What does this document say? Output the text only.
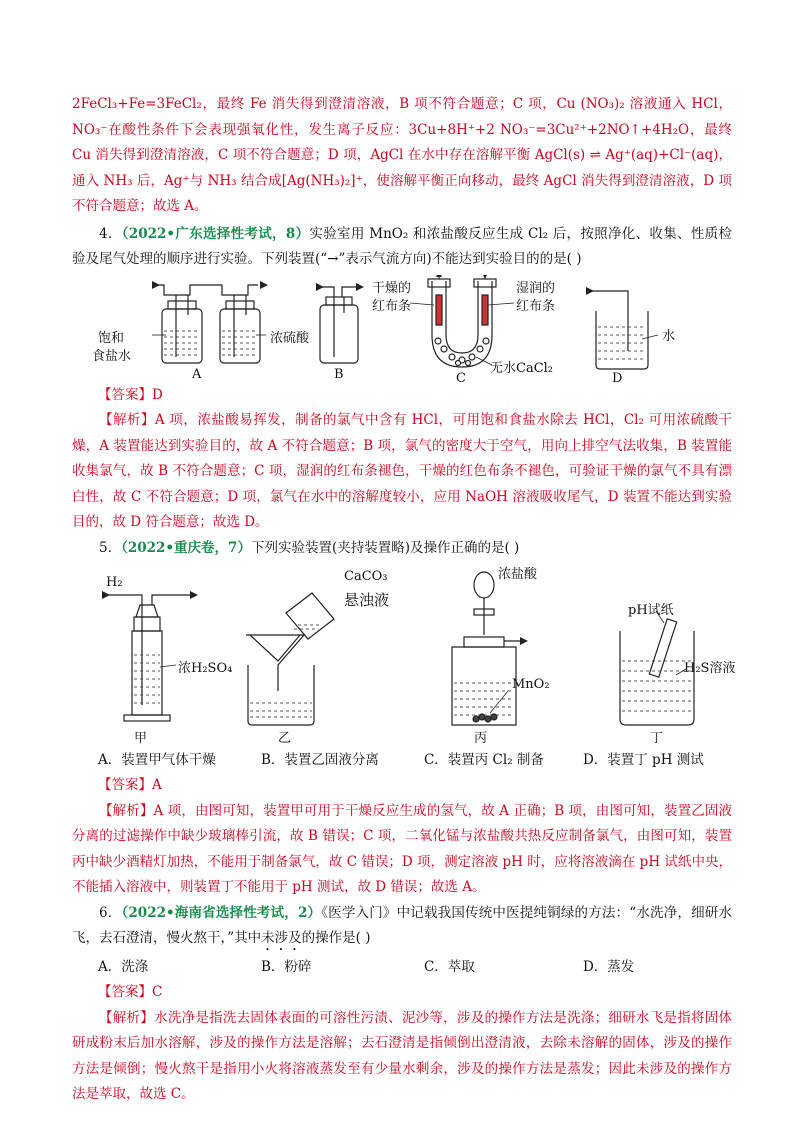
2FeCl₃+Fe=3FeCl₂，最终 Fe 消失得到澄清溶液，B 项不符合题意；C 项，Cu (NO₃)₂ 溶液通入 HCl，NO₃⁻在酸性条件下会表现强氧化性，发生离子反应：3Cu+8H⁺+2 NO₃⁻=3Cu²⁺+2NO↑+4H₂O，最终 Cu 消失得到澄清溶液，C 项不符合题意；D 项，AgCl 在水中存在溶解平衡 AgCl(s) ⇌ Ag⁺(aq)+Cl⁻(aq)，通入 NH₃ 后，Ag⁺与 NH₃ 结合成[Ag(NH₃)₂]⁺，使溶解平衡正向移动，最终 AgCl 消失得到澄清溶液，D 项不符合题意；故选 A。

4．（2022•广东选择性考试，8）实验室用 MnO₂ 和浓盐酸反应生成 Cl₂ 后，按照净化、收集、性质检验及尾气处理的顺序进行实验。下列装置(“→”表示气流方向)不能达到实验目的的是( )

饱和
食盐水
浓硫酸
A	B
干燥的
红布条
湿润的
红布条
无水CaCl₂
C
水
D

【答案】D

【解析】A 项，浓盐酸易挥发，制备的氯气中含有 HCl，可用饱和食盐水除去 HCl，Cl₂ 可用浓硫酸干燥，A 装置能达到实验目的，故 A 不符合题意；B 项，氯气的密度大于空气，用向上排空气法收集，B 装置能收集氯气，故 B 不符合题意；C 项，湿润的红布条褪色，干燥的红色布条不褪色，可验证干燥的氯气不具有漂白性，故 C 不符合题意；D 项，氯气在水中的溶解度较小，应用 NaOH 溶液吸收尾气，D 装置不能达到实验目的，故 D 符合题意；故选 D。

5．（2022•重庆卷，7）下列实验装置(夹持装置略)及操作正确的是( )

H₂
浓H₂SO₄
甲
CaCO₃
悬浊液
乙
浓盐酸
MnO₂
丙
pH试纸
H₂S溶液
丁
A．装置甲气体干燥	B．装置乙固液分离	C．装置丙 Cl₂ 制备	D．装置丁 pH 测试

【答案】A

【解析】A 项，由图可知，装置甲可用于干燥反应生成的氢气，故 A 正确；B 项，由图可知，装置乙固液分离的过滤操作中缺少玻璃棒引流，故 B 错误；C 项，二氧化锰与浓盐酸共热反应制备氯气，由图可知，装置丙中缺少酒精灯加热，不能用于制备氯气，故 C 错误；D 项，测定溶液 pH 时，应将溶液滴在 pH 试纸中央，不能插入溶液中，则装置丁不能用于 pH 测试，故 D 错误；故选 A。

6．（2022•海南省选择性考试，2）《医学入门》中记载我国传统中医提纯铜绿的方法：“水洗净，细研水飞，去石澄清，慢火熬干，”其中未涉及的操作是( )

A．洗涤	B．粉碎	C．萃取	D．蒸发

【答案】C

【解析】水洗净是指洗去固体表面的可溶性污渍、泥沙等，涉及的操作方法是洗涤；细研水飞是指将固体研成粉末后加水溶解，涉及的操作方法是溶解；去石澄清是指倾倒出澄清液，去除未溶解的固体，涉及的操作方法是倾倒；慢火熬干是指用小火将溶液蒸发至有少量水剩余，涉及的操作方法是蒸发；因此未涉及的操作方法是萃取，故选 C。
